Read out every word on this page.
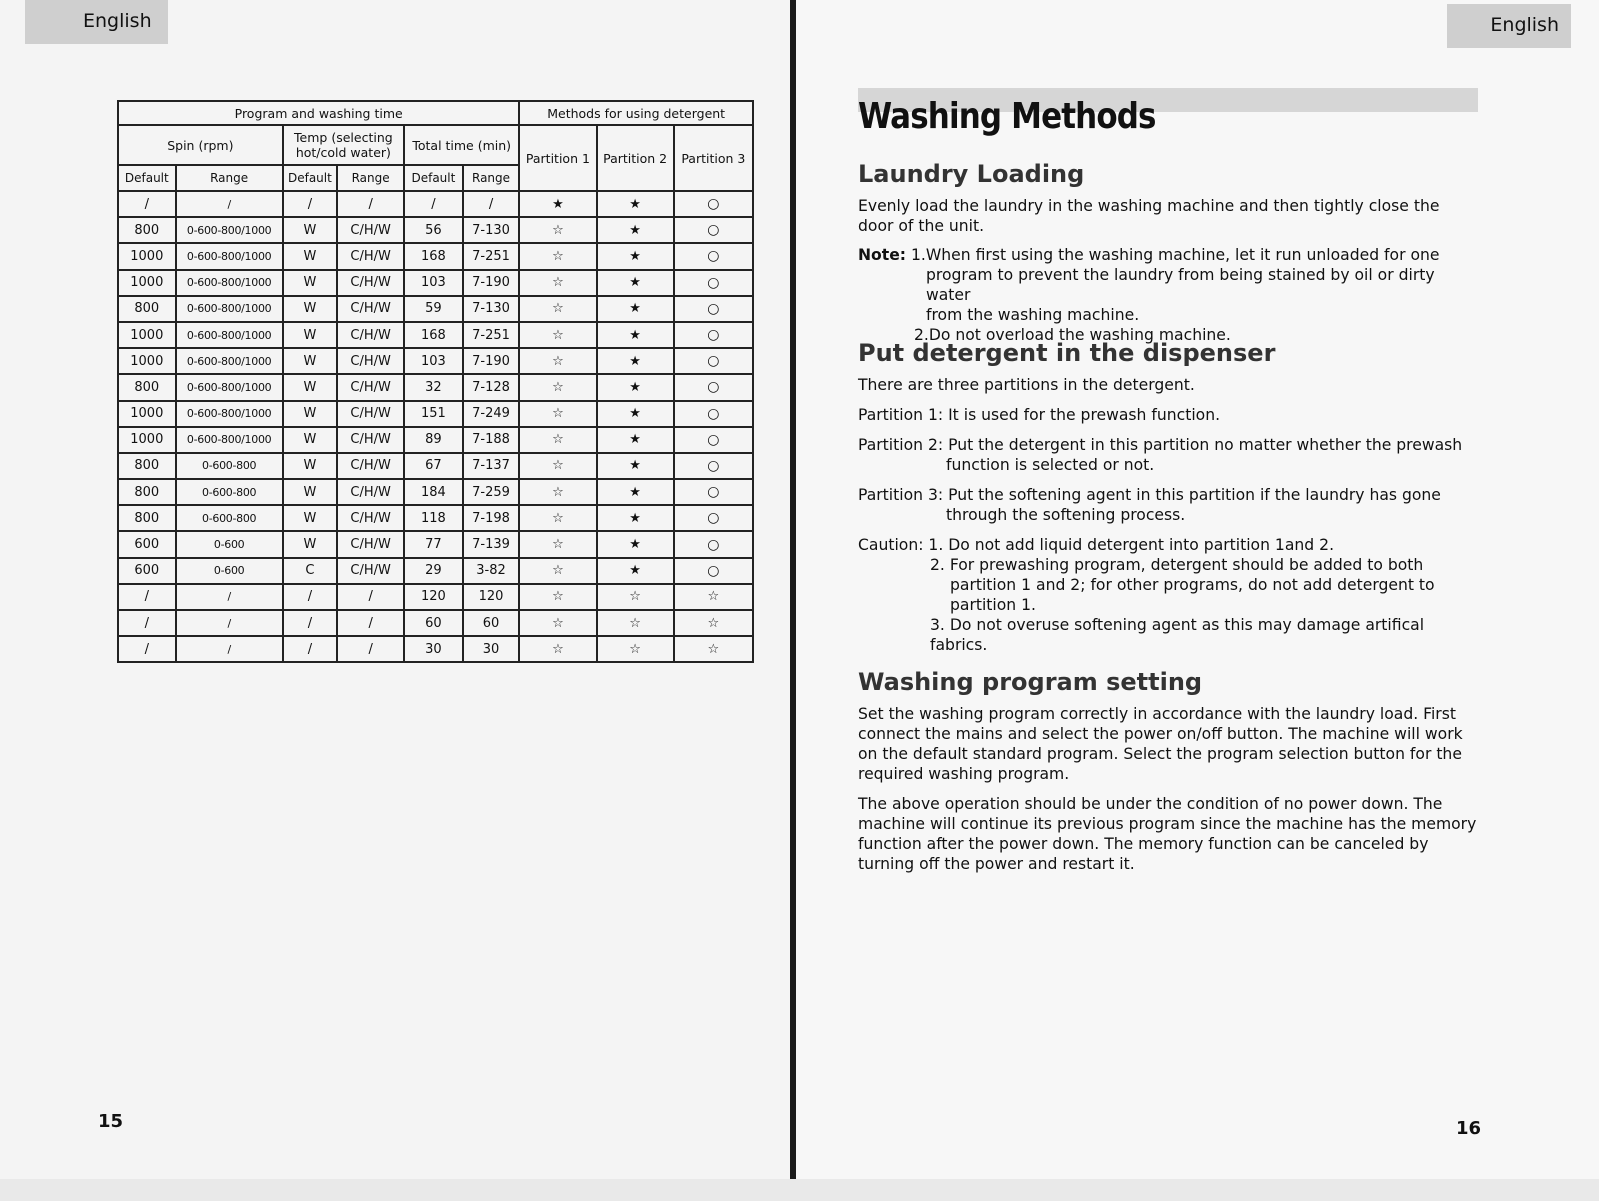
English
Program and washing time						Methods for using detergent		
Spin (rpm)		Temp (selecting hot/cold water)		Total time (min)		Partition 1	Partition 2	Partition 3
Default	Range	Default	Range	Default	Range			
/	/	/	/	/	/	★	★	○
800	0-600-800/1000	W	C/H/W	56	7-130	☆	★	○
1000	0-600-800/1000	W	C/H/W	168	7-251	☆	★	○
1000	0-600-800/1000	W	C/H/W	103	7-190	☆	★	○
800	0-600-800/1000	W	C/H/W	59	7-130	☆	★	○
1000	0-600-800/1000	W	C/H/W	168	7-251	☆	★	○
1000	0-600-800/1000	W	C/H/W	103	7-190	☆	★	○
800	0-600-800/1000	W	C/H/W	32	7-128	☆	★	○
1000	0-600-800/1000	W	C/H/W	151	7-249	☆	★	○
1000	0-600-800/1000	W	C/H/W	89	7-188	☆	★	○
800	0-600-800	W	C/H/W	67	7-137	☆	★	○
800	0-600-800	W	C/H/W	184	7-259	☆	★	○
800	0-600-800	W	C/H/W	118	7-198	☆	★	○
600	0-600	W	C/H/W	77	7-139	☆	★	○
600	0-600	C	C/H/W	29	3-82	☆	★	○
/	/	/	/	120	120	☆	☆	☆
/	/	/	/	60	60	☆	☆	☆
/	/	/	/	30	30	☆	☆	☆
15
English
16
Washing Methods
Laundry Loading

Evenly load the laundry in the washing machine and then tightly close the door of the unit.

Note: 1.When first using the washing machine, let it run unloaded for one

program to prevent the laundry from being stained by oil or dirty water

from the washing machine.

2.Do not overload the washing machine.

Put detergent in the dispenser

There are three partitions in the detergent.

Partition 1: It is used for the prewash function.

Partition 2: Put the detergent in this partition no matter whether the prewash

function is selected or not.

Partition 3: Put the softening agent in this partition if the laundry has gone

through the softening process.

Caution: 1. Do not add liquid detergent into partition 1and 2.

2. For prewashing program, detergent should be added to both

partition 1 and 2; for other programs, do not add detergent to

partition 1.

3. Do not overuse softening agent as this may damage artifical fabrics.

Washing program setting

Set the washing program correctly in accordance with the laundry load. First connect the mains and select the power on/off button. The machine will work on the default standard program. Select the program selection button for the required washing program.

The above operation should be under the condition of no power down. The machine will continue its previous program since the machine has the memory function after the power down. The memory function can be canceled by turning off the power and restart it.
